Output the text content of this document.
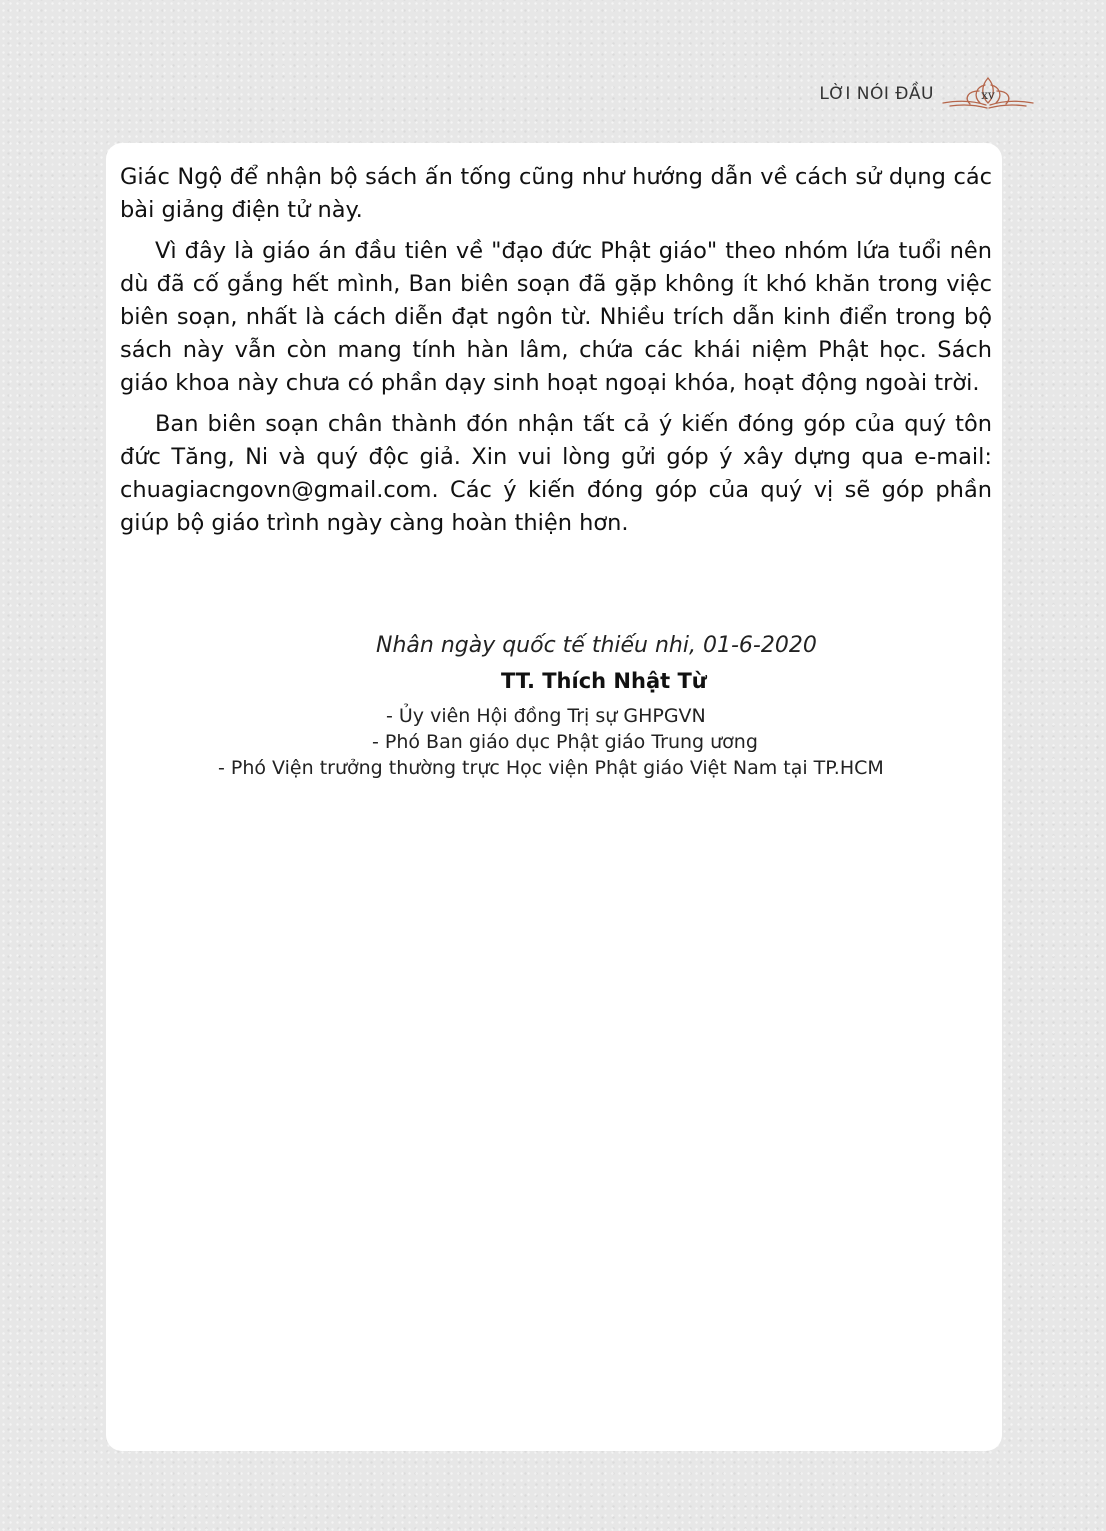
LỜI NÓI ĐẦU	xv

Giác Ngộ để nhận bộ sách ấn tống cũng như hướng dẫn về cách sử dụng các bài giảng điện tử này.

Vì đây là giáo án đầu tiên về "đạo đức Phật giáo" theo nhóm lứa tuổi nên dù đã cố gắng hết mình, Ban biên soạn đã gặp không ít khó khăn trong việc biên soạn, nhất là cách diễn đạt ngôn từ. Nhiều trích dẫn kinh điển trong bộ sách này vẫn còn mang tính hàn lâm, chứa các khái niệm Phật học. Sách giáo khoa này chưa có phần dạy sinh hoạt ngoại khóa, hoạt động ngoài trời.

Ban biên soạn chân thành đón nhận tất cả ý kiến đóng góp của quý tôn đức Tăng, Ni và quý độc giả. Xin vui lòng gửi góp ý xây dựng qua e-mail: chuagiacngovn@gmail.com. Các ý kiến đóng góp của quý vị sẽ góp phần giúp bộ giáo trình ngày càng hoàn thiện hơn.

Nhân ngày quốc tế thiếu nhi, 01-6-2020
TT. Thích Nhật Từ
- Ủy viên Hội đồng Trị sự GHPGVN
- Phó Ban giáo dục Phật giáo Trung ương
- Phó Viện trưởng thường trực Học viện Phật giáo Việt Nam tại TP.HCM
